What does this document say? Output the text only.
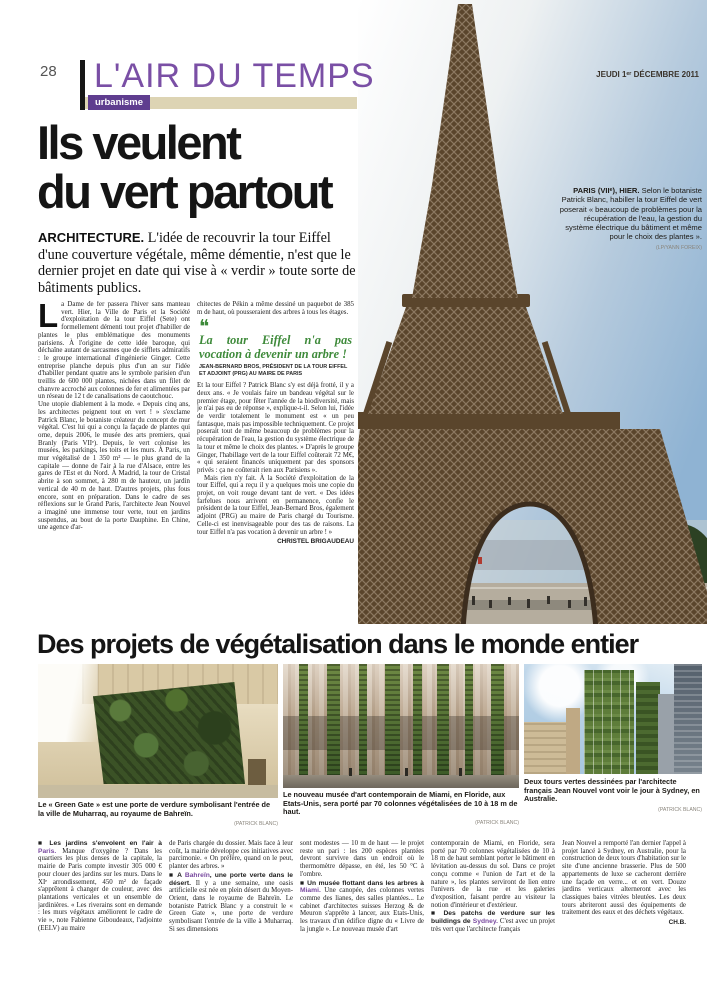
28 L'AIR DU TEMPS	JEUDI 1ᵉʳ DÉCEMBRE 2011
urbanisme
PARIS (VIIᵉ), HIER. Selon le botaniste Patrick Blanc, habiller la tour Eiffel de vert poserait « beaucoup de problèmes pour la récupération de l'eau, la gestion du système électrique du bâtiment et même pour le choix des plantes ».
(LP/YANN FOREIX)
Ils veulent
du vert partout
ARCHITECTURE. L'idée de recouvrir la tour Eiffel d'une couverture végétale, même démentie, n'est que le dernier projet en date qui vise à « verdir » toute sorte de bâtiments publics.

La Dame de fer passera l'hiver sans manteau vert. Hier, la Ville de Paris et la Société d'exploitation de la tour Eiffel (Sete) ont formellement démenti tout projet d'habiller de plantes le plus emblématique des monuments parisiens. À l'origine de cette idée baroque, qui déchaîne autant de sarcasmes que de sifflets admiratifs : le groupe international d'ingénierie Ginger. Cette entreprise planche depuis plus d'un an sur l'idée d'habiller pendant quatre ans le symbole parisien d'un treillis de 600 000 plantes, nichées dans un filet de chanvre accroché aux colonnes de fer et alimentées par un réseau de 12 t de canalisations de caoutchouc.

Une utopie diablement à la mode. « Depuis cinq ans, les architectes peignent tout en vert ! » s'exclame Patrick Blanc, le botaniste créateur du concept de mur végétal. C'est lui qui a conçu la façade de plantes qui orne, depuis 2006, le musée des arts premiers, quai Branly (Paris VIIᵉ). Depuis, le vert colonise les musées, les parkings, les toits et les murs. À Paris, un mur végétalisé de 1 350 m² — le plus grand de la capitale — donne de l'air à la rue d'Alsace, entre les gares de l'Est et du Nord. À Madrid, la tour de Cristal abrite à son sommet, à 280 m de hauteur, un jardin vertical de 40 m de haut. D'autres projets, plus fous encore, sont en préparation. Dans le cadre de ses réflexions sur le Grand Paris, l'architecte Jean Nouvel a imaginé une immense tour verte, tout en jardins suspendus, au bout de la porte Dauphine. En Chine, une agence d'ar-

chitectes de Pékin a même dessiné un paquebot de 385 m de haut, où pousseraient des arbres à tous les étages.

❝
La tour Eiffel n'a pas vocation à devenir un arbre !
JEAN-BERNARD BROS, PRÉSIDENT DE LA TOUR EIFFEL ET ADJOINT (PRG) AU MAIRE DE PARIS

Et la tour Eiffel ? Patrick Blanc s'y est déjà frotté, il y a deux ans. « Je voulais faire un bandeau végétal sur le premier étage, pour fêter l'année de la biodiversité, mais je n'ai pas eu de réponse », explique-t-il. Selon lui, l'idée de verdir totalement le monument est « un peu fantasque, mais pas impossible techniquement. Ce projet poserait tout de même beaucoup de problèmes pour la récupération de l'eau, la gestion du système électrique de la tour et même le choix des plantes. » D'après le groupe Ginger, l'habillage vert de la tour Eiffel coûterait 72 M€, « qui seraient financés uniquement par des sponsors privés : ça ne coûterait rien aux Parisiens ».

Mais rien n'y fait. À la Société d'exploitation de la tour Eiffel, qui a reçu il y a quelques mois une copie du projet, on voit rouge devant tant de vert. « Des idées farfelues nous arrivent en permanence, confie le président de la tour Eiffel, Jean-Bernard Bros, également adjoint (PRG) au maire de Paris chargé du Tourisme. Celle-ci est inenvisageable pour des tas de raisons. La tour Eiffel n'a pas vocation à devenir un arbre ! »

CHRISTEL BRIGAUDEAU
Des projets de végétalisation dans le monde entier
Le « Green Gate » est une porte de verdure symbolisant l'entrée de la ville de Muharraq, au royaume de Bahreïn.
(PATRICK BLANC)
Le nouveau musée d'art contemporain de Miami, en Floride, aux Etats-Unis, sera porté par 70 colonnes végétalisées de 10 à 18 m de haut.
(PATRICK BLANC)
Deux tours vertes dessinées par l'architecte français Jean Nouvel vont voir le jour à Sydney, en Australie.
(PATRICK BLANC)

■ Les jardins s'envolent en l'air à Paris. Manque d'oxygène ? Dans les quartiers les plus denses de la capitale, la mairie de Paris compte investir 305 000 € pour clouer des jardins sur les murs. Dans le XIᵉ arrondissement, 450 m² de façade s'apprêtent à changer de couleur, avec des plantations verticales et un ensemble de jardinières. « Les riverains sont en demande : les murs végétaux améliorent le cadre de vie », note Fabienne Giboudeaux, l'adjointe (EELV) au maire

de Paris chargée du dossier. Mais face à leur coût, la mairie développe ces initiatives avec parcimonie. « On préfère, quand on le peut, planter des arbres. »

■ A Bahreïn, une porte verte dans le désert. Il y a une semaine, une oasis artificielle est née en plein désert du Moyen-Orient, dans le royaume de Bahreïn. Le botaniste Patrick Blanc y a construit le « Green Gate », une porte de verdure symbolisant l'entrée de la ville à Muharraq. Si ses dimensions

sont modestes — 10 m de haut — le projet reste un pari : les 200 espèces plantées devront survivre dans un endroit où le thermomètre dépasse, en été, les 50 °C à l'ombre.

■ Un musée flottant dans les arbres à Miami. Une canopée, des colonnes vertes comme des lianes, des salles plantées... Le cabinet d'architectes suisses Herzog & de Meuron s'apprête à lancer, aux Etats-Unis, les travaux d'un édifice digne du « Livre de la jungle ». Le nouveau musée d'art

contemporain de Miami, en Floride, sera porté par 70 colonnes végétalisées de 10 à 18 m de haut semblant porter le bâtiment en lévitation au-dessus du sol. Dans ce projet conçu comme « l'union de l'art et de la nature », les plantes serviront de lien entre l'univers de la rue et les galeries d'exposition, faisant perdre au visiteur la notion d'intérieur et d'extérieur.

■ Des patchs de verdure sur les buildings de Sydney. C'est avec un projet très vert que l'architecte français

Jean Nouvel a remporté l'an dernier l'appel à projet lancé à Sydney, en Australie, pour la construction de deux tours d'habitation sur le site d'une ancienne brasserie. Plus de 500 appartements de luxe se cacheront derrière une façade en verre... et en vert. Douze jardins verticaux alterneront avec les classiques baies vitrées bleutées. Les deux tours abriteront aussi des équipements de traitement des eaux et des déchets végétaux.

CH.B.
